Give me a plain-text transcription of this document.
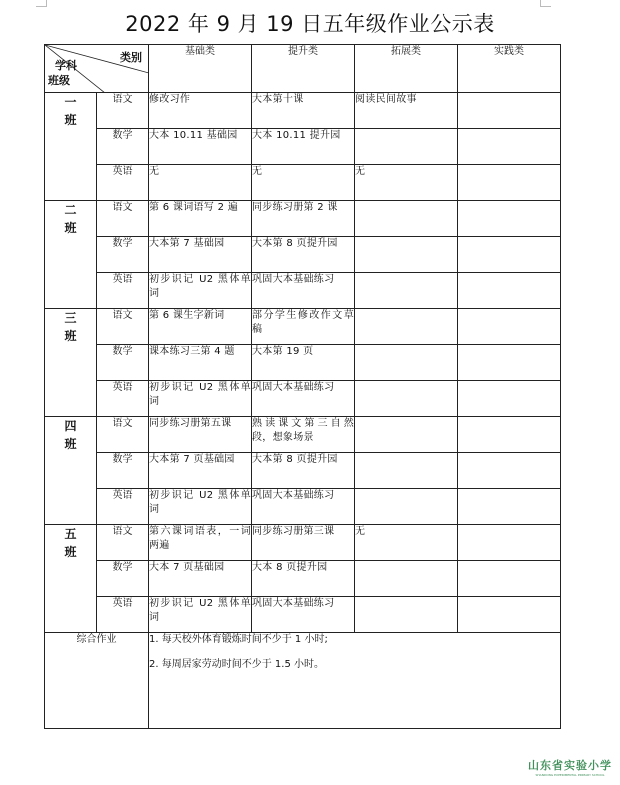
2022 年 9 月 19 日五年级作业公示表
类别
学科
班级		基础类	提升类	拓展类	实践类
一班	语文	修改习作	大本第十课	阅读民间故事	
	数学	大本 10.11 基础园	大本 10.11 提升园		
	英语	无	无	无	
二班	语文	第 6 课词语写 2 遍	同步练习册第 2 课		
	数学	大本第 7 基础园	大本第 8 页提升园		
	英语	初步识记 U2 黑体单词	巩固大本基础练习		
三班	语文	第 6 课生字新词	部分学生修改作文草稿		
	数学	课本练习三第 4 题	大本第 19 页		
	英语	初步识记 U2 黑体单词	巩固大本基础练习		
四班	语文	同步练习册第五课	熟读课文第三自然段，想象场景		
	数学	大本第 7 页基础园	大本第 8 页提升园		
	英语	初步识记 U2 黑体单词	巩固大本基础练习		
五班	语文	第六课词语表，一词两遍	同步练习册第三课	无	
	数学	大本 7 页基础园	大本 8 页提升园		
	英语	初步识记 U2 黑体单词	巩固大本基础练习		
综合作业		1. 每天校外体育锻炼时间不少于 1 小时;

2. 每周居家劳动时间不少于 1.5 小时。			

山东省实验小学
SHANDONG EXPERIMENTAL PRIMARY SCHOOL
